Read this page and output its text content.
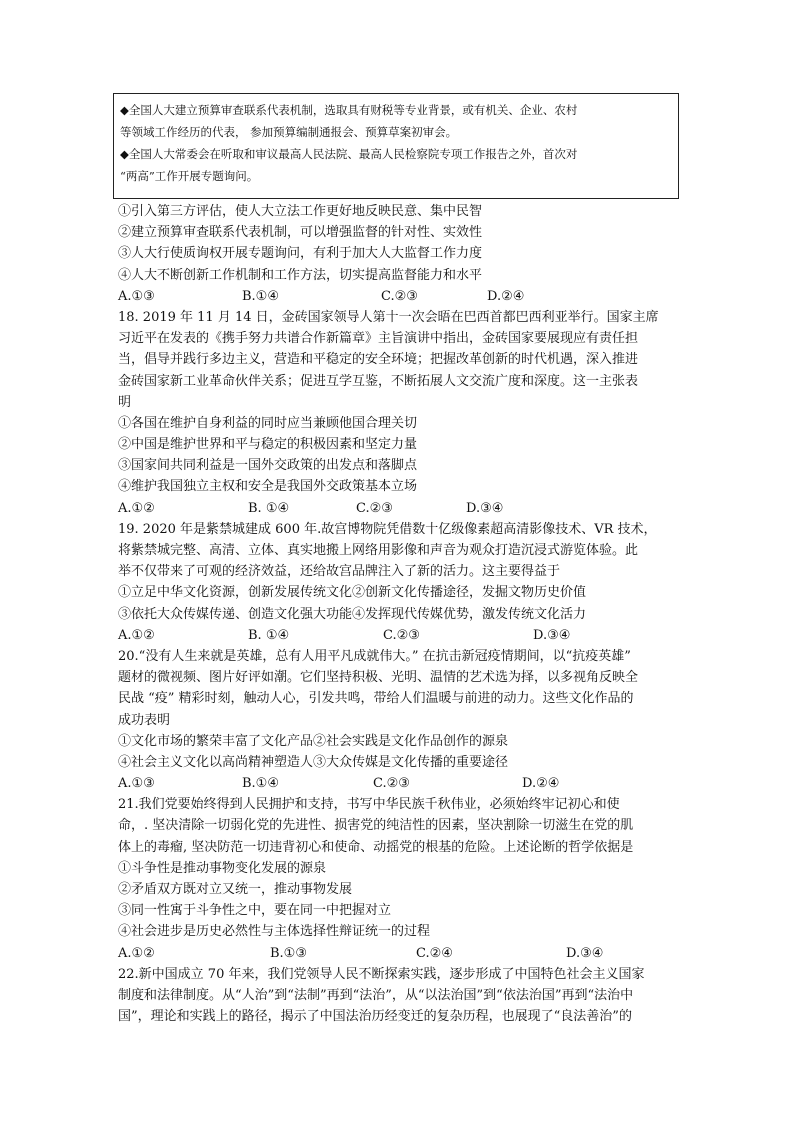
◆全国人大建立预算审查联系代表机制，选取具有财税等专业背景，或有机关、企业、农村
等领域工作经历的代表， 参加预算编制通报会、预算草案初审会。
◆全国人大常委会在听取和审议最高人民法院、最高人民检察院专项工作报告之外，首次对
“两高”工作开展专题询问。
①引入第三方评估，使人大立法工作更好地反映民意、集中民智
②建立预算审查联系代表机制，可以增强监督的针对性、实效性
③人大行使质询权开展专题询问，有利于加大人大监督工作力度
④人大不断创新工作机制和工作方法，切实提高监督能力和水平
A.①③	B.①④	C.②③	D.②④
18. 2019 年 11 月 14 日，金砖国家领导人第十一次会晤在巴西首都巴西利亚举行。国家主席
习近平在发表的《携手努力共谱合作新篇章》主旨演讲中指出，金砖国家要展现应有责任担
当，倡导并践行多边主义，营造和平稳定的安全环境；把握改革创新的时代机遇，深入推进
金砖国家新工业革命伙伴关系；促进互学互鉴，不断拓展人文交流广度和深度。这一主张表
明
①各国在维护自身利益的同时应当兼顾他国合理关切
②中国是维护世界和平与稳定的积极因素和坚定力量
③国家间共同利益是一国外交政策的出发点和落脚点
④维护我国独立主权和安全是我国外交政策基本立场
A.①②	B. ①④	C.②③	D.③④
19. 2020 年是紫禁城建成 600 年.故宫博物院凭借数十亿级像素超高清影像技术、VR 技术，
将紫禁城完整、高清、立体、真实地搬上网络用影像和声音为观众打造沉浸式游览体验。此
举不仅带来了可观的经济效益，还给故宫品牌注入了新的活力。这主要得益于
①立足中华文化资源，创新发展传统文化②创新文化传播途径，发掘文物历史价值
③依托大众传媒传递、创造文化强大功能④发挥现代传媒优势，激发传统文化活力
A.①②	B. ①④	C.②③	D.③④
20.“没有人生来就是英雄，总有人用平凡成就伟大。” 在抗击新冠疫情期间，以“抗疫英雄”
题材的微视频、图片好评如潮。它们坚持积极、光明、温情的艺术选为择，以多视角反映全
民战 “疫” 精彩时刻，触动人心，引发共鸣，带给人们温暖与前进的动力。这些文化作品的
成功表明
①文化市场的繁荣丰富了文化产品②社会实践是文化作品创作的源泉
④社会主义文化以高尚精神塑造人③大众传媒是文化传播的重要途径
A.①③	B.①④	C.②③	D.②④
21.我们党要始终得到人民拥护和支持，书写中华民族千秋伟业，必须始终牢记初心和使
命，. 坚决清除一切弱化党的先进性、损害党的纯洁性的因素，坚决割除一切滋生在党的肌
体上的毒瘤, 坚决防范一切违背初心和使命、动摇党的根基的危险。上述论断的哲学依据是
①斗争性是推动事物变化发展的源泉
②矛盾双方既对立又统一，推动事物发展
③同一性寓于斗争性之中，要在同一中把握对立
④社会进步是历史必然性与主体选择性辩证统一的过程
A.①②	B.①③	C.②④	D.③④
22.新中国成立 70 年来，我们党领导人民不断探索实践，逐步形成了中国特色社会主义国家
制度和法律制度。从“人治”到“法制”再到“法治”，从“以法治国”到“依法治国”再到“法治中
国”，理论和实践上的路径，揭示了中国法治历经变迁的复杂历程，也展现了“良法善治”的
